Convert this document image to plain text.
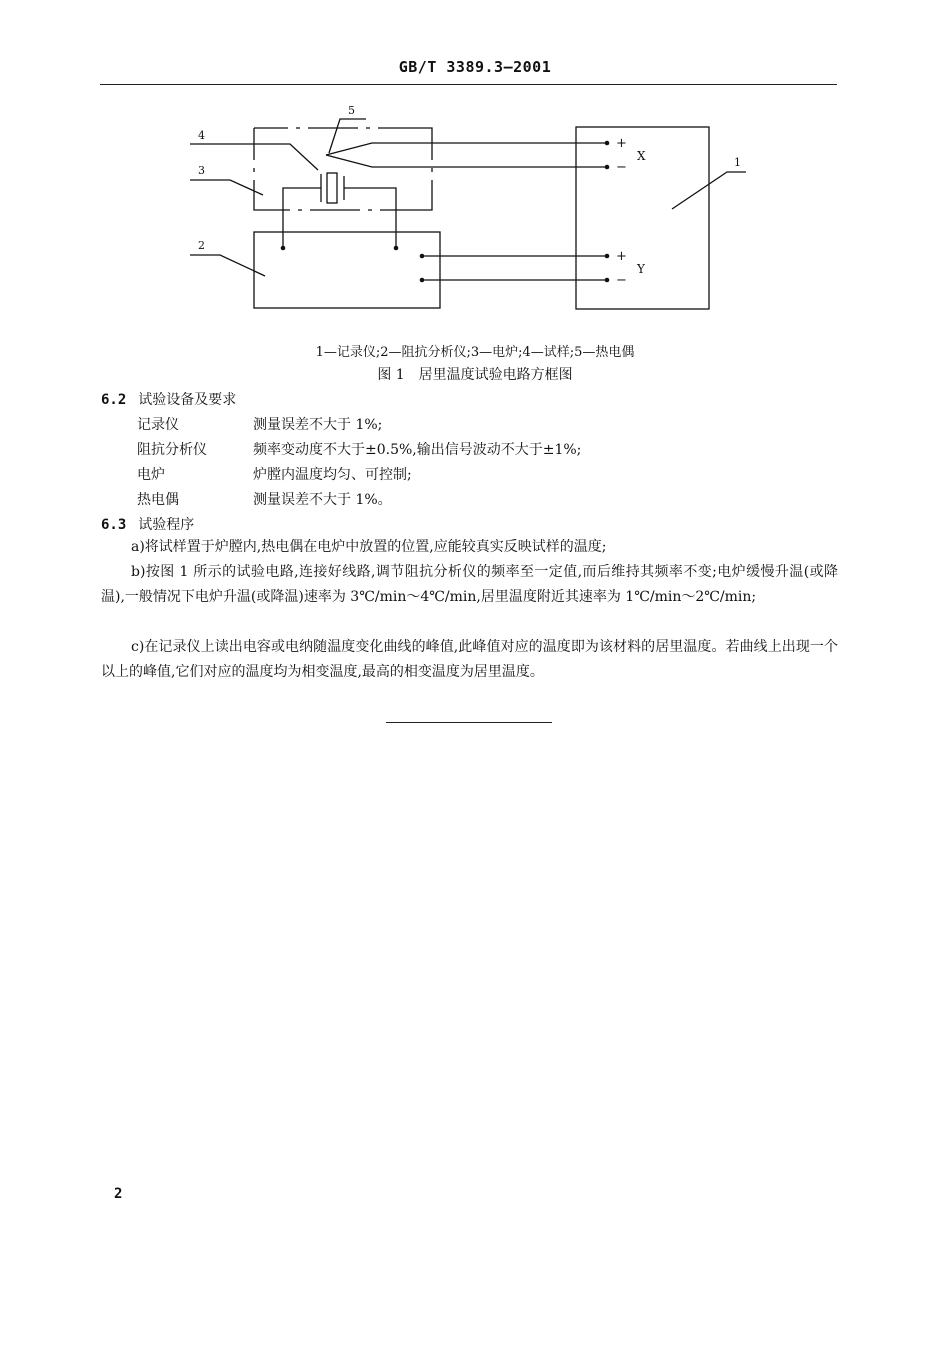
GB/T 3389.3—2001
1
2
3
4
5
+
−
X
+
−
Y
1—记录仪;2—阻抗分析仪;3—电炉;4—试样;5—热电偶
图 1　居里温度试验电路方框图
6.2 试验设备及要求
记录仪	测量误差不大于 1%;
阻抗分析仪	频率变动度不大于±0.5%,输出信号波动不大于±1%;
电炉	炉膛内温度均匀、可控制;
热电偶	测量误差不大于 1%。
6.3 试验程序
a)将试样置于炉膛内,热电偶在电炉中放置的位置,应能较真实反映试样的温度;
b)按图 1 所示的试验电路,连接好线路,调节阻抗分析仪的频率至一定值,而后维持其频率不变;电炉缓慢升温(或降温),一般情况下电炉升温(或降温)速率为 3℃/min～4℃/min,居里温度附近其速率为 1℃/min～2℃/min;
c)在记录仪上读出电容或电纳随温度变化曲线的峰值,此峰值对应的温度即为该材料的居里温度。若曲线上出现一个以上的峰值,它们对应的温度均为相变温度,最高的相变温度为居里温度。
2
